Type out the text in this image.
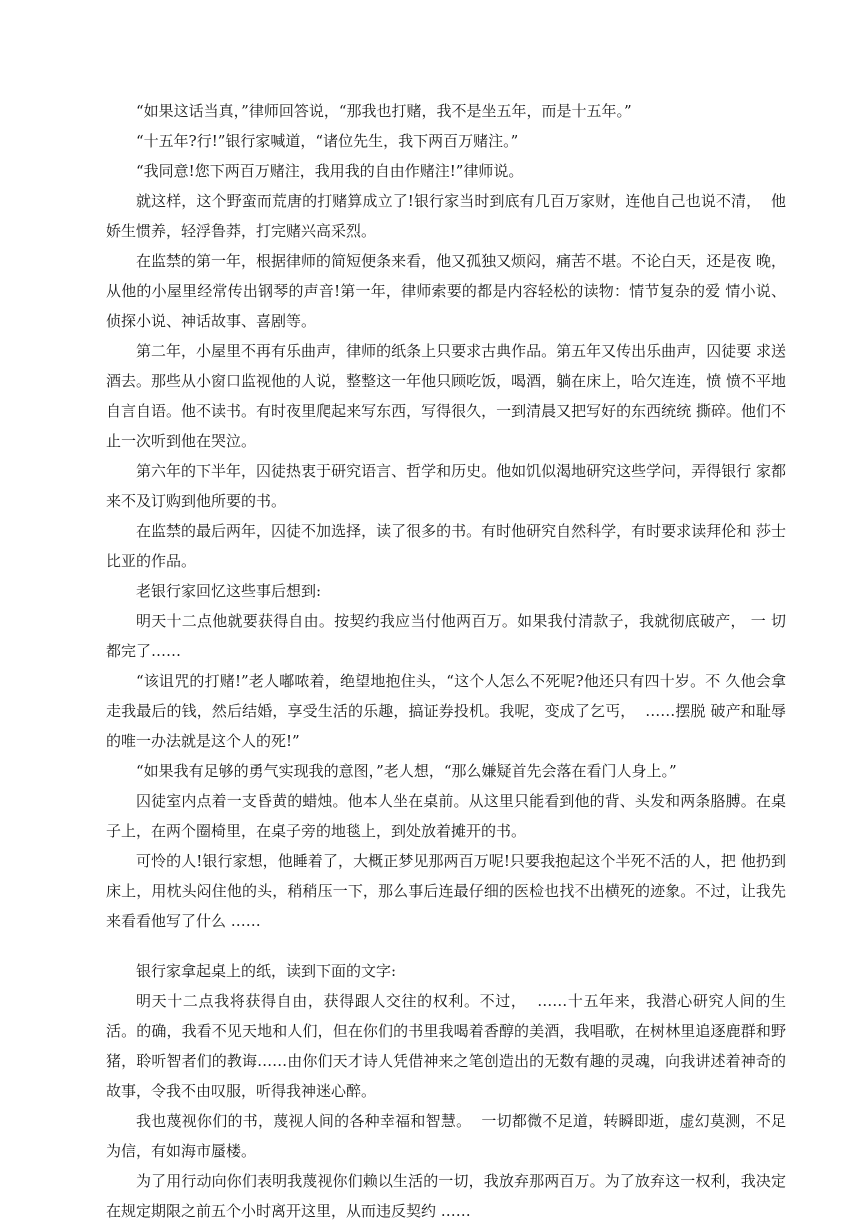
“如果这话当真，”律师回答说，“那我也打赌，我不是坐五年，而是十五年。”

“十五年?行!”银行家喊道，“诸位先生，我下两百万赌注。”

“我同意!您下两百万赌注，我用我的自由作赌注!”律师说。

就这样，这个野蛮而荒唐的打赌算成立了!银行家当时到底有几百万家财，连他自己也说不清，  他娇生惯养，轻浮鲁莽，打完赌兴高采烈。

在监禁的第一年，根据律师的简短便条来看，他又孤独又烦闷，痛苦不堪。不论白天，还是夜 晚，从他的小屋里经常传出钢琴的声音!第一年，律师索要的都是内容轻松的读物：情节复杂的爱 情小说、侦探小说、神话故事、喜剧等。

第二年，小屋里不再有乐曲声，律师的纸条上只要求古典作品。第五年又传出乐曲声，囚徒要 求送酒去。那些从小窗口监视他的人说，整整这一年他只顾吃饭，喝酒，躺在床上，哈欠连连，愤 愤不平地自言自语。他不读书。有时夜里爬起来写东西，写得很久，一到清晨又把写好的东西统统 撕碎。他们不止一次听到他在哭泣。

第六年的下半年，囚徒热衷于研究语言、哲学和历史。他如饥似渴地研究这些学问，弄得银行 家都来不及订购到他所要的书。

在监禁的最后两年，囚徒不加选择，读了很多的书。有时他研究自然科学，有时要求读拜伦和 莎士比亚的作品。

老银行家回忆这些事后想到:

明天十二点他就要获得自由。按契约我应当付他两百万。如果我付清款子，我就彻底破产， 一 切都完了……

“该诅咒的打赌!”老人嘟哝着，绝望地抱住头，“这个人怎么不死呢?他还只有四十岁。不 久他会拿走我最后的钱，然后结婚，享受生活的乐趣，搞证券投机。我呢，变成了乞丐，  ……摆脱 破产和耻辱的唯一办法就是这个人的死!”

“如果我有足够的勇气实现我的意图，”老人想，“那么嫌疑首先会落在看门人身上。”

囚徒室内点着一支昏黄的蜡烛。他本人坐在桌前。从这里只能看到他的背、头发和两条胳膊。在桌子上，在两个圈椅里，在桌子旁的地毯上，到处放着摊开的书。

可怜的人!银行家想，他睡着了，大概正梦见那两百万呢!只要我抱起这个半死不活的人，把 他扔到床上，用枕头闷住他的头，稍稍压一下，那么事后连最仔细的医检也找不出横死的迹象。不过，让我先来看看他写了什么 ……

银行家拿起桌上的纸，读到下面的文字:

明天十二点我将获得自由，获得跟人交往的权利。不过，  ……十五年来，我潜心研究人间的生活。的确，我看不见天地和人们，但在你们的书里我喝着香醇的美酒，我唱歌，在树林里追逐鹿群和野猪，聆听智者们的教诲……由你们天才诗人凭借神来之笔创造出的无数有趣的灵魂，向我讲述着神奇的故事，令我不由叹服，听得我神迷心醉。

我也蔑视你们的书，蔑视人间的各种幸福和智慧。  一切都微不足道，转瞬即逝，虚幻莫测，不足为信，有如海市蜃楼。

为了用行动向你们表明我蔑视你们赖以生活的一切，我放弃那两百万。为了放弃这一权利，我决定在规定期限之前五个小时离开这里，从而违反契约 ……
